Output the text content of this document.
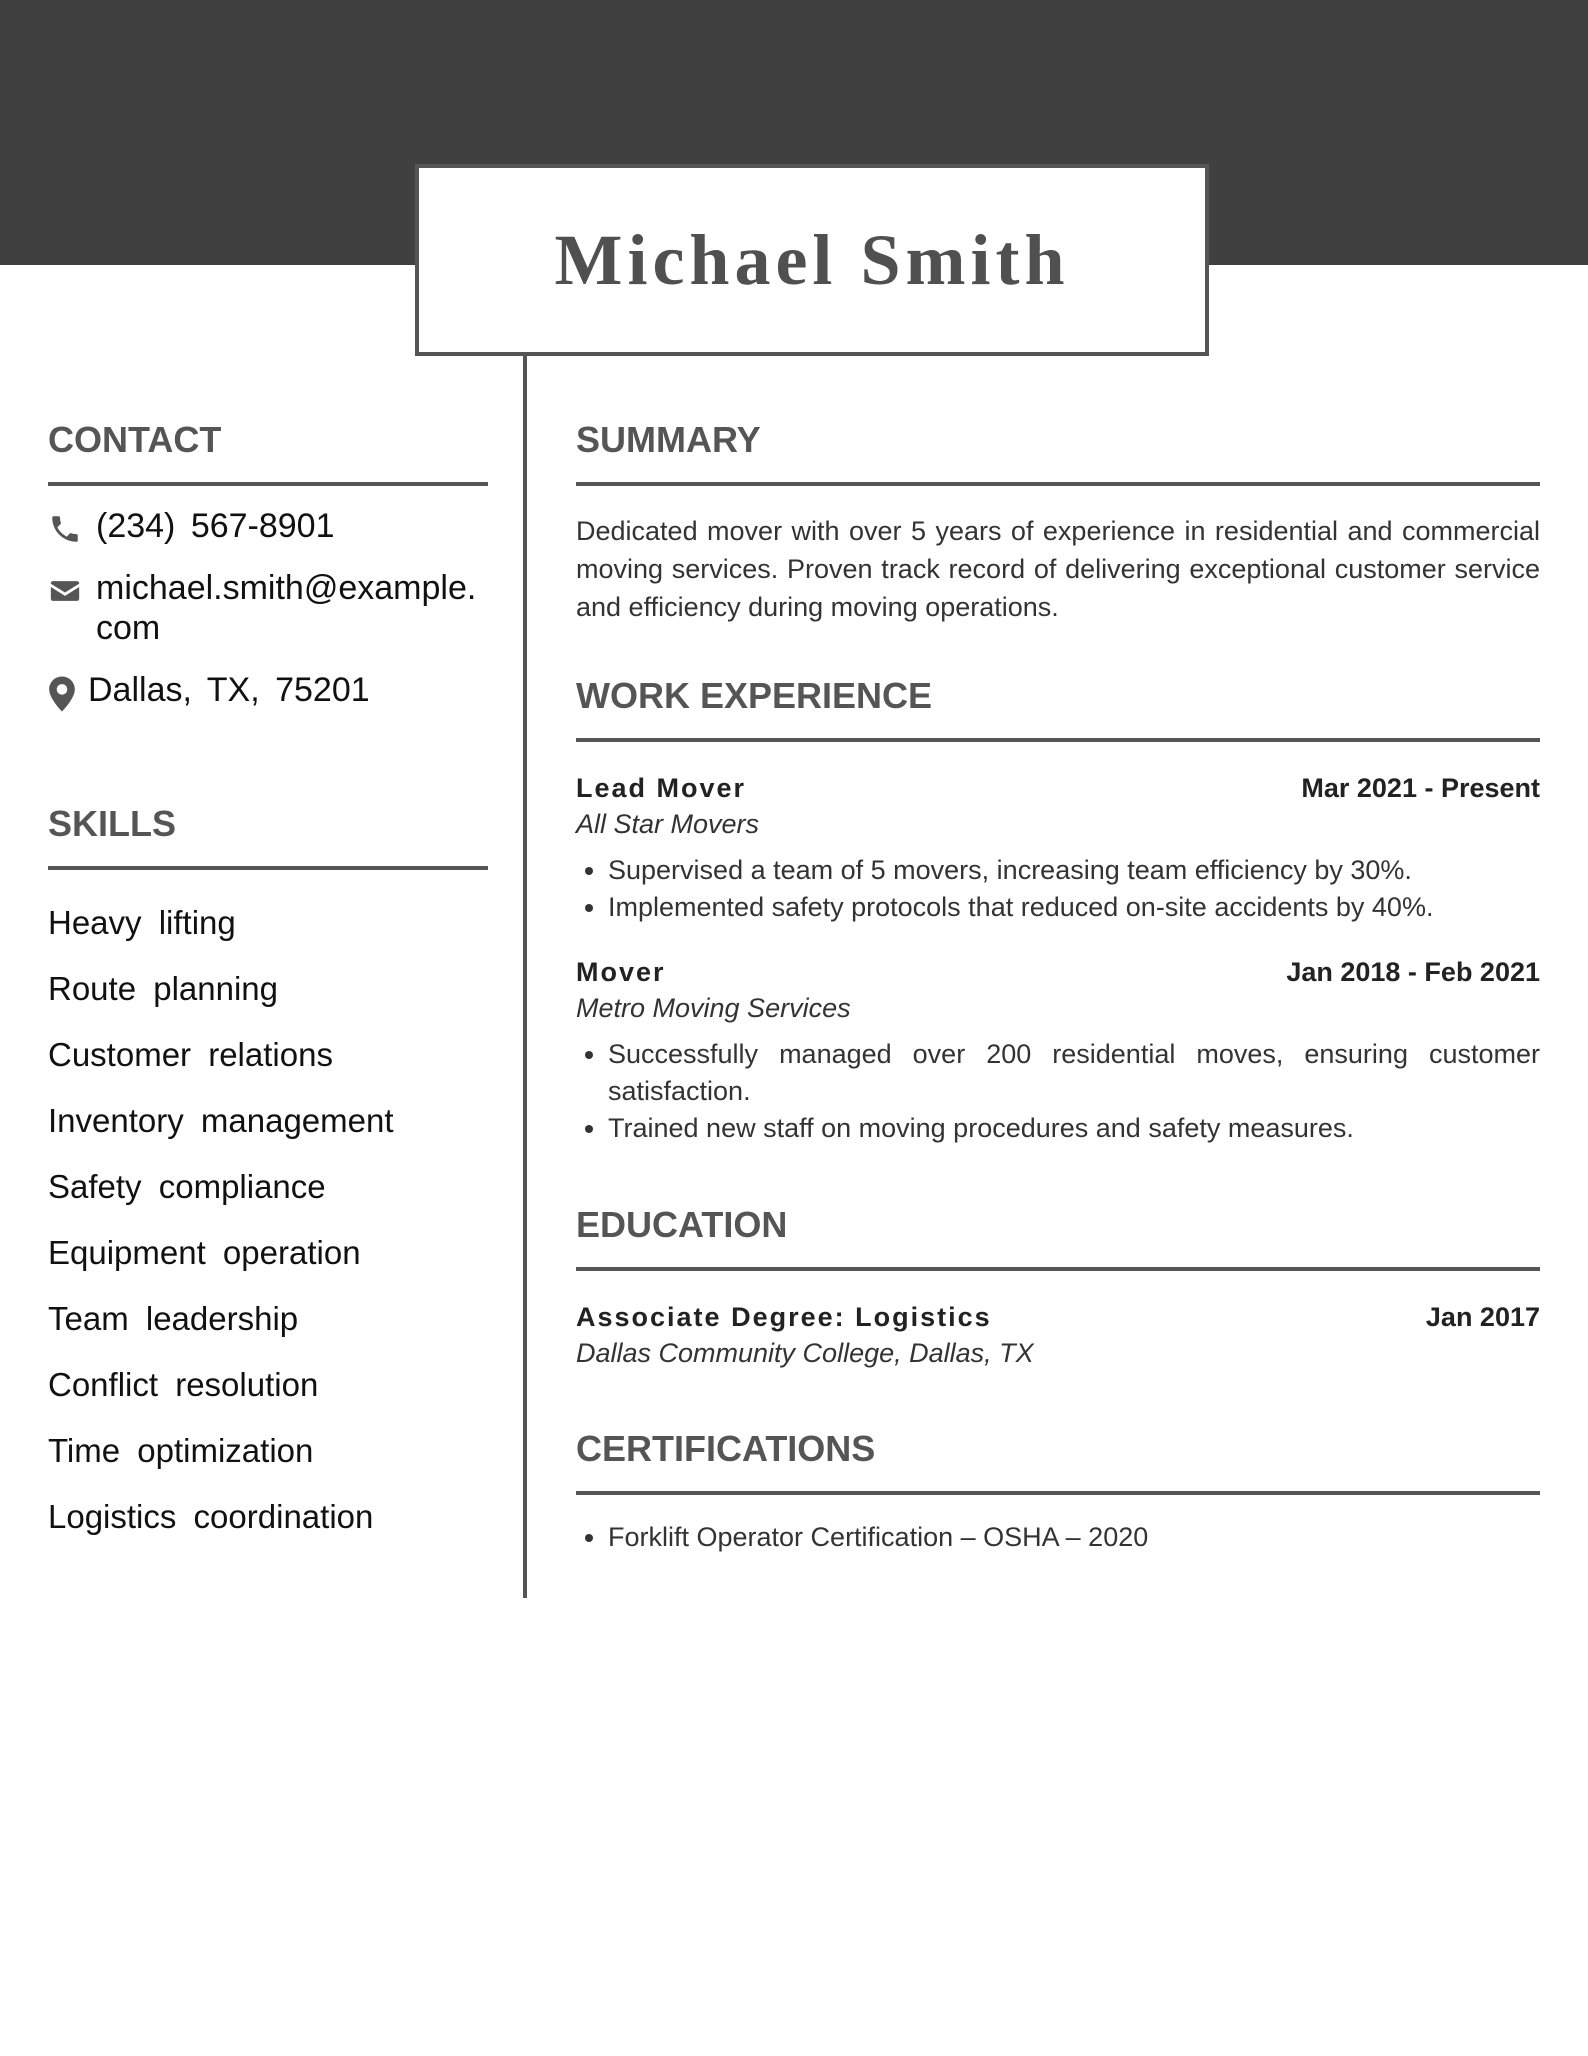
Michael Smith
CONTACT
(234) 567-8901
michael.smith@example.com
Dallas, TX, 75201
SKILLS
Heavy lifting
Route planning
Customer relations
Inventory management
Safety compliance
Equipment operation
Team leadership
Conflict resolution
Time optimization
Logistics coordination
SUMMARY

Dedicated mover with over 5 years of experience in residential and commercial moving services. Proven track record of delivering exceptional customer service and efficiency during moving operations.

WORK EXPERIENCE
Lead Mover	Mar 2021 - Present
All Star Movers
• Supervised a team of 5 movers, increasing team efficiency by 30%.
• Implemented safety protocols that reduced on-site accidents by 40%.
Mover	Jan 2018 - Feb 2021
Metro Moving Services
• Successfully managed over 200 residential moves, ensuring customer satisfaction.
• Trained new staff on moving procedures and safety measures.
EDUCATION
Associate Degree: Logistics	Jan 2017
Dallas Community College, Dallas, TX
CERTIFICATIONS
• Forklift Operator Certification – OSHA – 2020
